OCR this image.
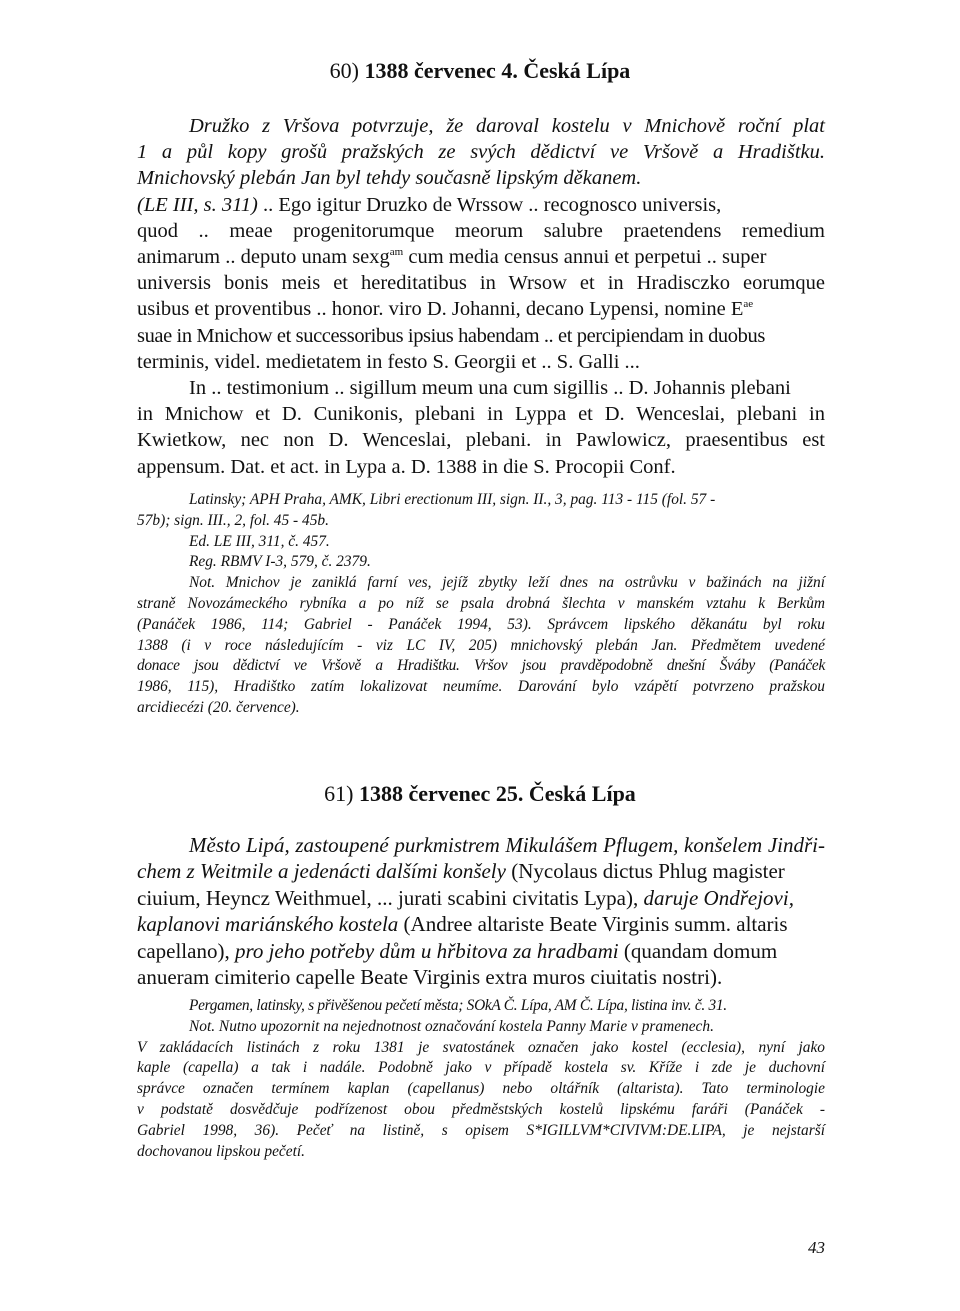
60) 1388 červenec 4. Česká Lípa
Družko z Vršova potvrzuje, že daroval kostelu v Mnichově roční plat
1 a půl kopy grošů pražských ze svých dědictví ve Vršově a Hradištku.
Mnichovský plebán Jan byl tehdy současně lipským děkanem.
(LE III, s. 311) .. Ego igitur Druzko de Wrssow .. recognosco universis,
quod .. meae progenitorumque meorum salubre praetendens remedium
animarum .. deputo unam sexg$^{am}$ cum media census annui et perpetui .. super
universis bonis meis et hereditatibus in Wrsow et in Hradisczko eorumque
usibus et proventibus .. honor. viro D. Johanni, decano Lypensi, nomine $E^{ae}$
suae in Mnichow et successoribus ipsius habendam .. et percipiendam in duobus
terminis, videl. medietatem in festo S. Georgii et .. S. Galli ...
In .. testimonium .. sigillum meum una cum sigillis .. D. Johannis plebani
in Mnichow et D. Cunikonis, plebani in Lyppa et D. Wenceslai, plebani in
Kwietkow, nec non D. Wenceslai, plebani. in Pawlowicz, praesentibus est
appensum. Dat. et act. in Lypa a. D. 1388 in die S. Procopii Conf.
Latinsky; APH Praha, AMK, Libri erectionum III, sign. II., 3, pag. 113 - 115 (fol. 57 -
57b); sign. III., 2, fol. 45 - 45b.
Ed. LE III, 311, č. 457.
Reg. RBMV I-3, 579, č. 2379.
Not. Mnichov je zaniklá farní ves, jejíž zbytky leží dnes na ostrůvku v bažinách na jižní
straně Novozámeckého rybníka a po níž se psala drobná šlechta v manském vztahu k Berkům
(Panáček 1986, 114; Gabriel - Panáček 1994, 53). Správcem lipského děkanátu byl roku
1388 (i v roce následujícím - viz LC IV, 205) mnichovský plebán Jan. Předmětem uvedené
donace jsou dědictví ve Vršově a Hradištku. Vršov jsou pravděpodobně dnešní Šváby (Panáček
1986, 115), Hradištko zatím lokalizovat neumíme. Darování bylo vzápětí potvrzeno pražskou
arcidiecézi (20. července).
61) 1388 červenec 25. Česká Lípa
Město Lipá, zastoupené purkmistrem Mikulášem Pflugem, konšelem Jindři-
chem z Weitmile a jedenácti dalšími konšely (Nycolaus dictus Phlug magister
ciuium, Heyncz Weithmuel, ... jurati scabini civitatis Lypa), daruje Ondřejovi,
kaplanovi mariánského kostela (Andree altariste Beate Virginis summ. altaris
capellano), pro jeho potřeby dům u hřbitova za hradbami (quandam domum
anueram cimiterio capelle Beate Virginis extra muros ciuitatis nostri).
Pergamen, latinsky, s přivěšenou pečetí města; SOkA Č. Lípa, AM Č. Lípa, listina inv. č. 31.
Not. Nutno upozornit na nejednotnost označování kostela Panny Marie v pramenech.
V zakládacích listinách z roku 1381 je svatostánek označen jako kostel (ecclesia), nyní jako
kaple (capella) a tak i nadále. Podobně jako v případě kostela sv. Kříže i zde je duchovní
správce označen termínem kaplan (capellanus) nebo oltářník (altarista). Tato terminologie
v podstatě dosvědčuje podřízenost obou předměstských kostelů lipskému faráři (Panáček -
Gabriel 1998, 36). Pečeť na listině, s opisem S*IGILLVM*CIVIVM:DE.LIPA, je nejstarší
dochovanou lipskou pečetí.
43
